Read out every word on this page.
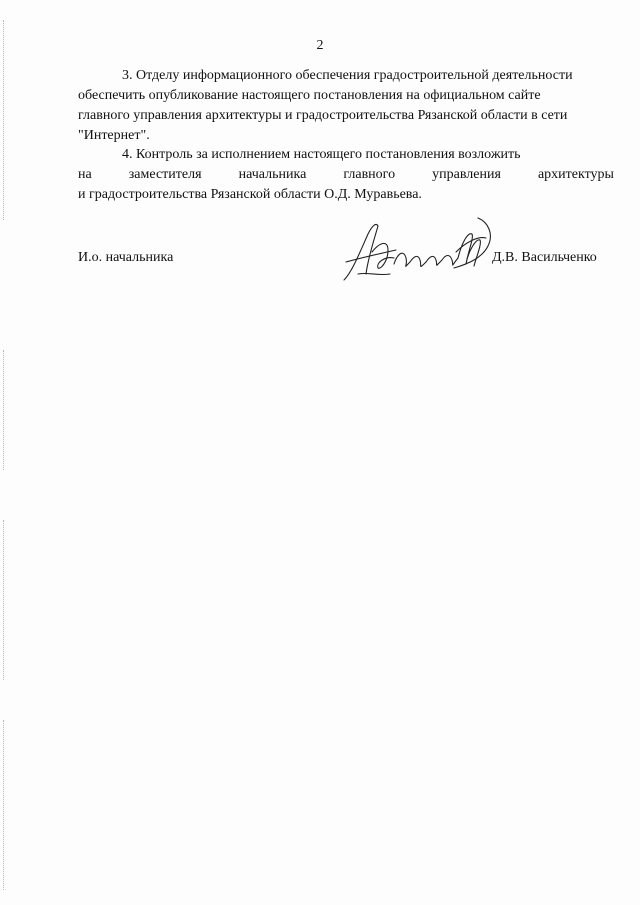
2
3. Отделу информационного обеспечения градостроительной деятельности
обеспечить опубликование настоящего постановления на официальном сайте
главного управления архитектуры и градостроительства Рязанской области в сети
"Интернет".
4. Контроль за исполнением настоящего постановления возложить
на	заместителя	начальника	главного	управления	архитектуры
и градостроительства Рязанской области О.Д. Муравьева.
И.о. начальника	Д.В. Васильченко
